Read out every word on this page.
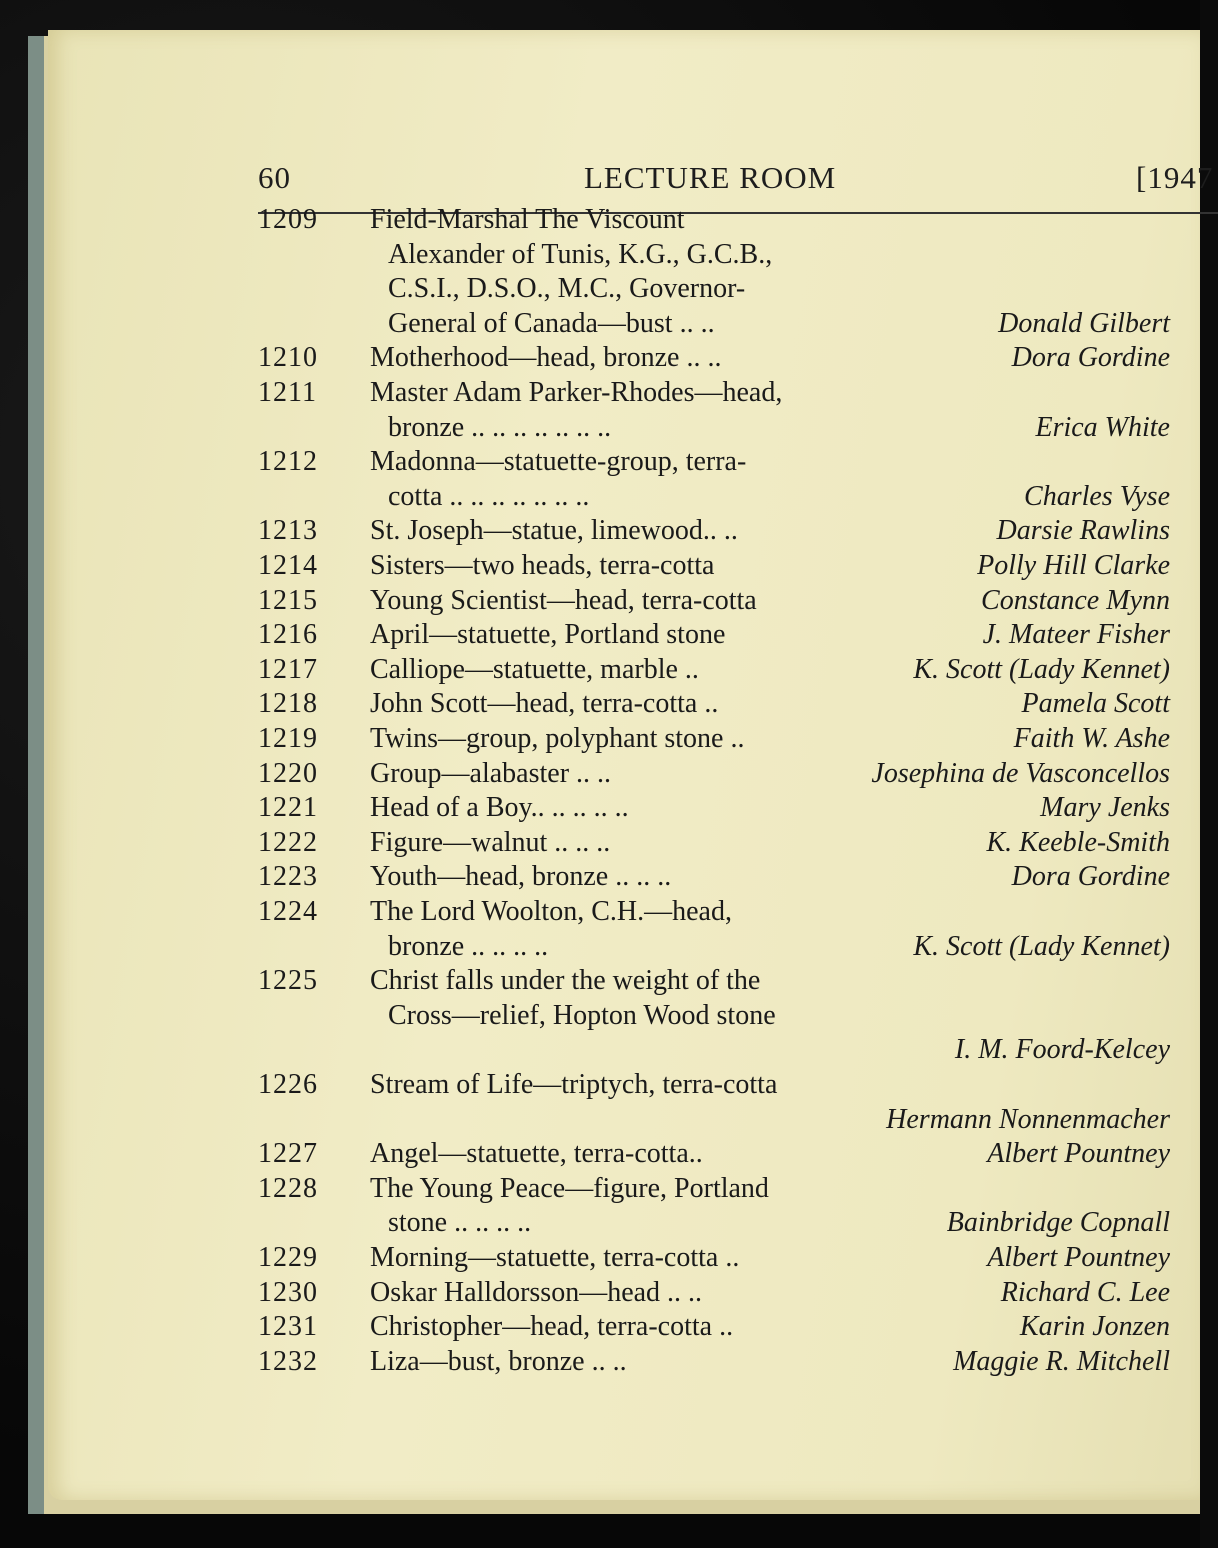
60	LECTURE ROOM	[1947
1209 Field-Marshal The Viscount
Alexander of Tunis, K.G., G.C.B.,
C.S.I., D.S.O., M.C., Governor-
General of Canada—bust .. ..	Donald Gilbert
1210 Motherhood—head, bronze .. ..	Dora Gordine
1211 Master Adam Parker-Rhodes—head,
bronze .. .. .. .. .. .. ..	Erica White
1212 Madonna—statuette-group, terra-
cotta .. .. .. .. .. .. ..	Charles Vyse
1213 St. Joseph—statue, limewood.. ..	Darsie Rawlins
1214 Sisters—two heads, terra-cotta	Polly Hill Clarke
1215 Young Scientist—head, terra-cotta	Constance Mynn
1216 April—statuette, Portland stone	J. Mateer Fisher
1217 Calliope—statuette, marble ..	K. Scott (Lady Kennet)
1218 John Scott—head, terra-cotta ..	Pamela Scott
1219 Twins—group, polyphant stone ..	Faith W. Ashe
1220 Group—alabaster .. ..	Josephina de Vasconcellos
1221 Head of a Boy.. .. .. .. ..	Mary Jenks
1222 Figure—walnut .. .. ..	K. Keeble-Smith
1223 Youth—head, bronze .. .. ..	Dora Gordine
1224 The Lord Woolton, C.H.—head,
bronze .. .. .. ..	K. Scott (Lady Kennet)
1225 Christ falls under the weight of the
Cross—relief, Hopton Wood stone
I. M. Foord-Kelcey
1226 Stream of Life—triptych, terra-cotta
Hermann Nonnenmacher
1227 Angel—statuette, terra-cotta..	Albert Pountney
1228 The Young Peace—figure, Portland
stone .. .. .. ..	Bainbridge Copnall
1229 Morning—statuette, terra-cotta ..	Albert Pountney
1230 Oskar Halldorsson—head .. ..	Richard C. Lee
1231 Christopher—head, terra-cotta ..	Karin Jonzen
1232 Liza—bust, bronze .. ..	Maggie R. Mitchell
